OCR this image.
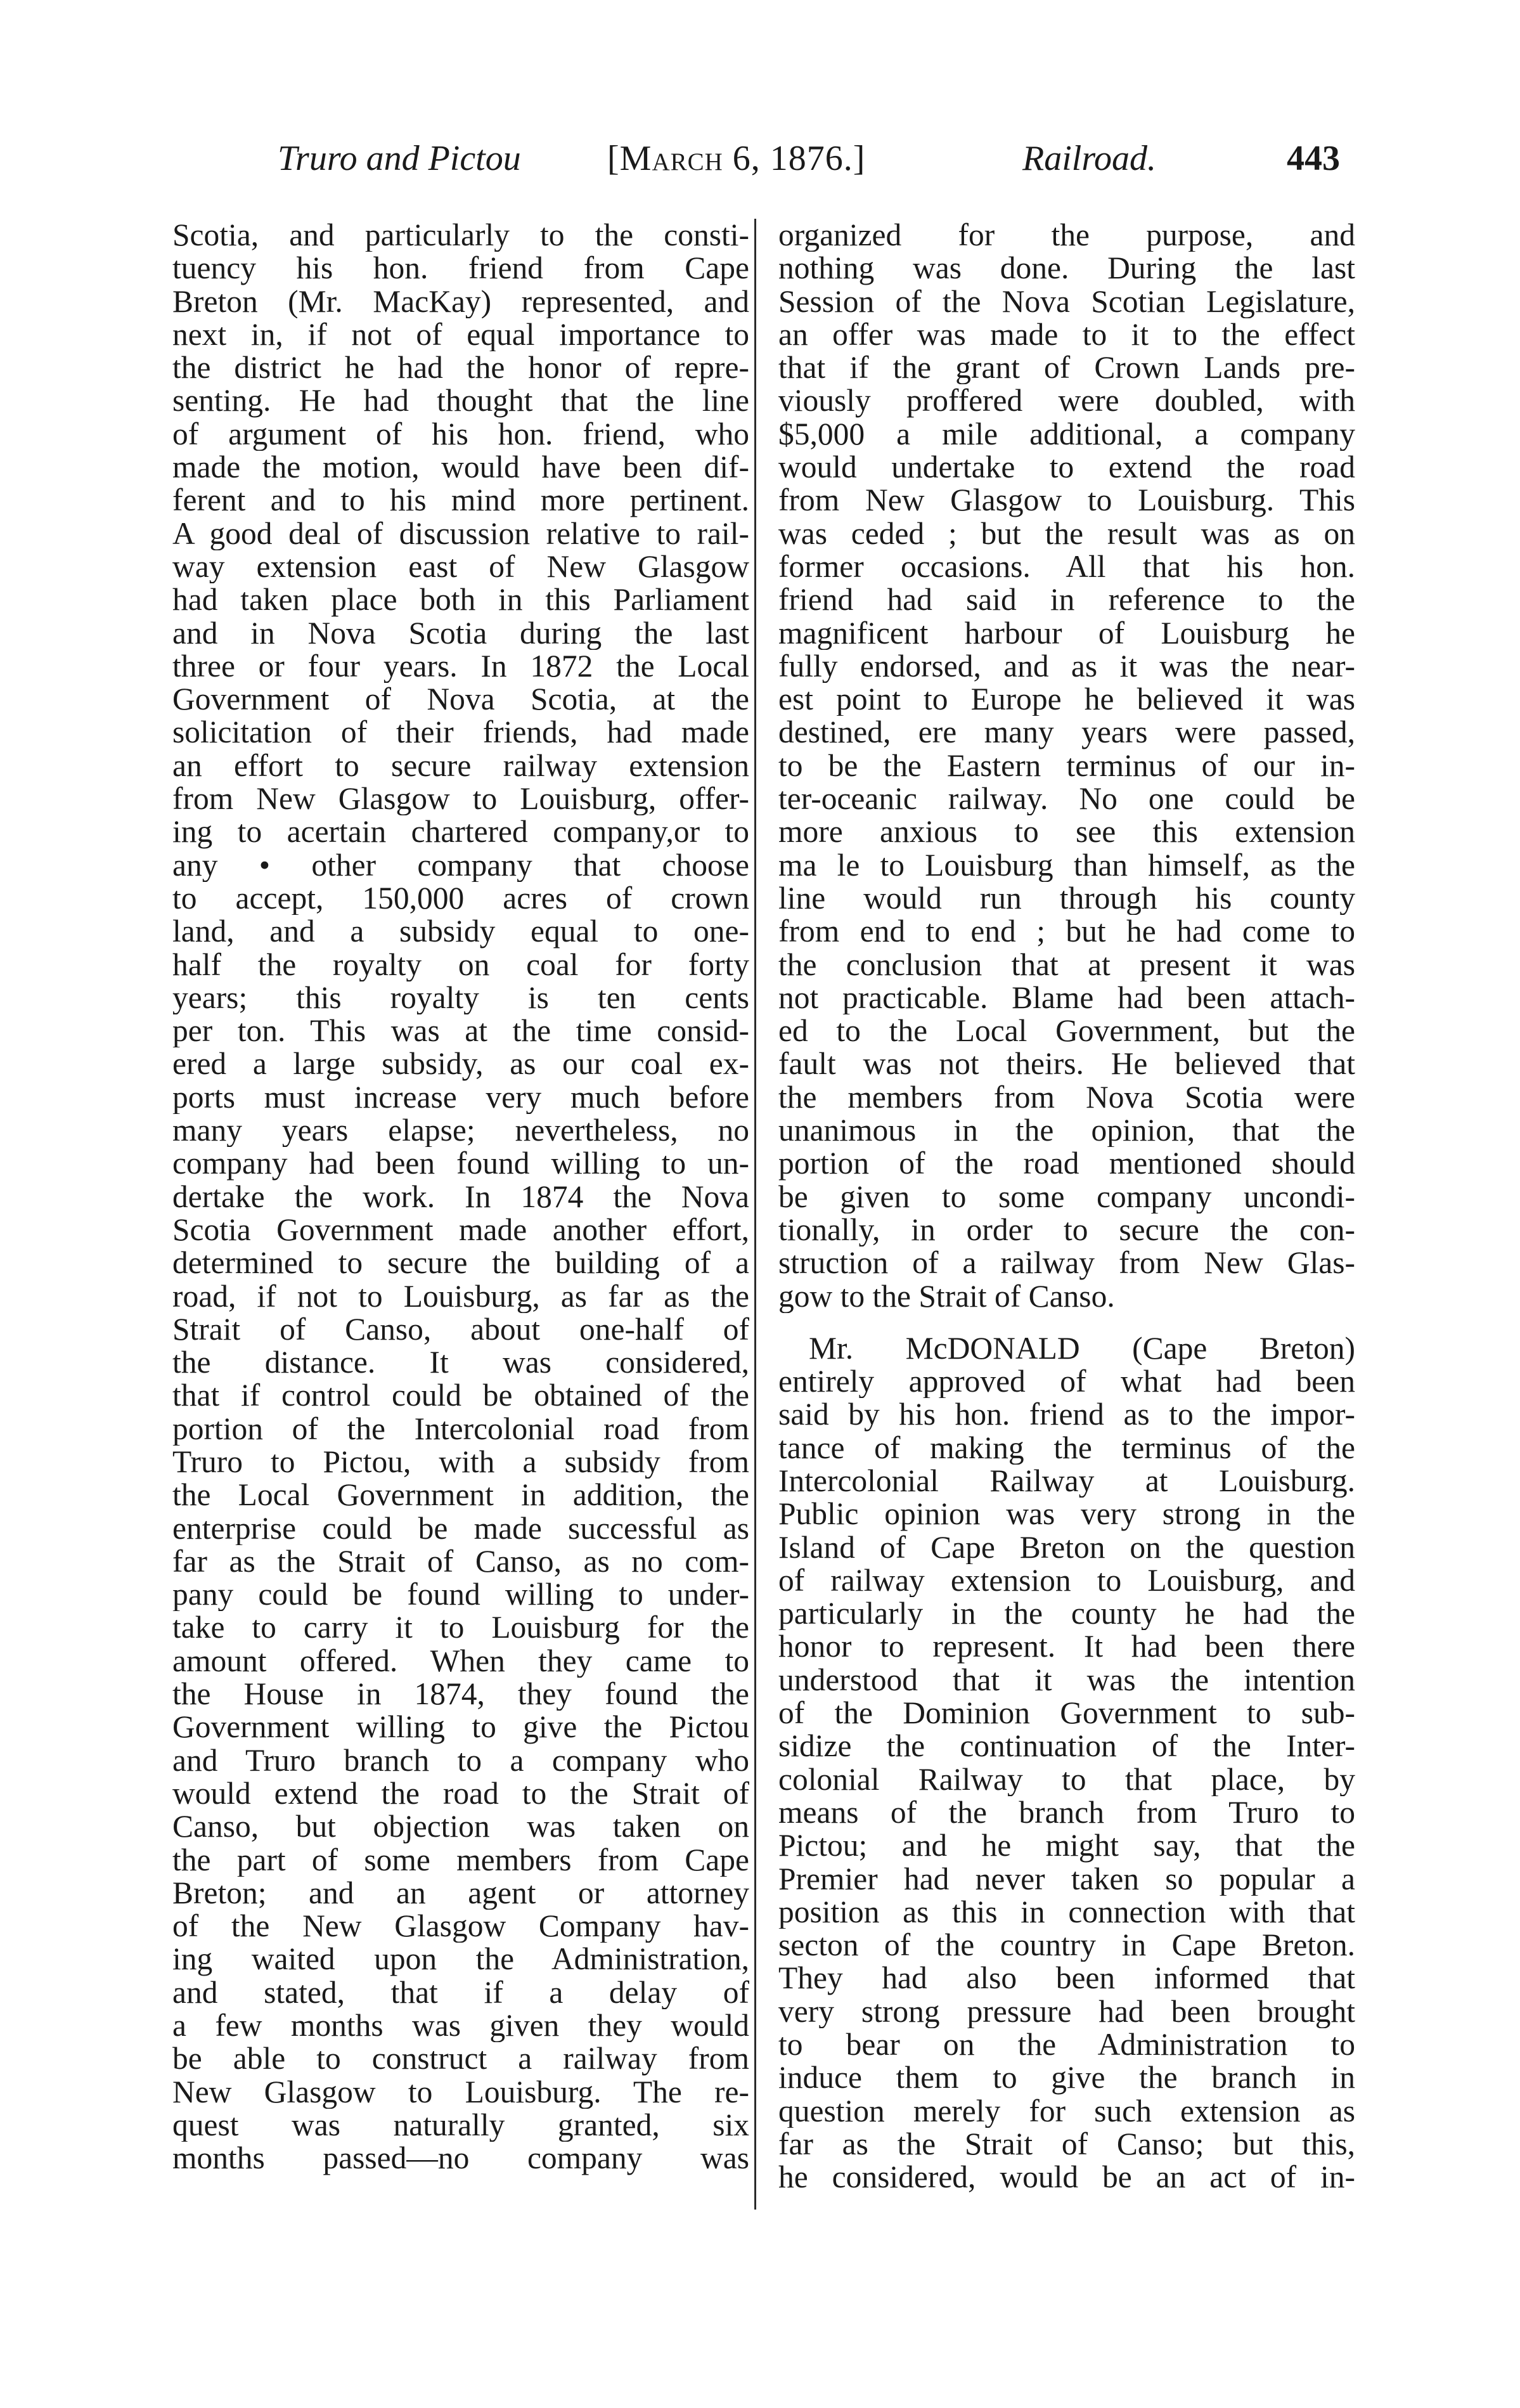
Truro and Pictou [March 6, 1876.]	Railroad.	443
Scotia, and particularly to the consti-
tuency his hon. friend from Cape
Breton (Mr. MacKay) represented, and
next in, if not of equal importance to
the district he had the honor of repre-
senting. He had thought that the line
of argument of his hon. friend, who
made the motion, would have been dif-
ferent and to his mind more pertinent.
A good deal of discussion relative to rail-
way extension east of New Glasgow
had taken place both in this Parliament
and in Nova Scotia during the last
three or four years. In 1872 the Local
Government of Nova Scotia, at the
solicitation of their friends, had made
an effort to secure railway extension
from New Glasgow to Louisburg, offer-
ing to acertain chartered company,or to
any • other company that choose
to accept, 150,000 acres of crown
land, and a subsidy equal to one-
half the royalty on coal for forty
years; this royalty is ten cents
per ton. This was at the time consid-
ered a large subsidy, as our coal ex-
ports must increase very much before
many years elapse; nevertheless, no
company had been found willing to un-
dertake the work. In 1874 the Nova
Scotia Government made another effort,
determined to secure the building of a
road, if not to Louisburg, as far as the
Strait of Canso, about one-half of
the distance. It was considered,
that if control could be obtained of the
portion of the Intercolonial road from
Truro to Pictou, with a subsidy from
the Local Government in addition, the
enterprise could be made successful as
far as the Strait of Canso, as no com-
pany could be found willing to under-
take to carry it to Louisburg for the
amount offered. When they came to
the House in 1874, they found the
Government willing to give the Pictou
and Truro branch to a company who
would extend the road to the Strait of
Canso, but objection was taken on
the part of some members from Cape
Breton; and an agent or attorney
of the New Glasgow Company hav-
ing waited upon the Administration,
and stated, that if a delay of
a few months was given they would
be able to construct a railway from
New Glasgow to Louisburg. The re-
quest was naturally granted, six
months passed—no company was
organized for the purpose, and
nothing was done. During the last
Session of the Nova Scotian Legislature,
an offer was made to it to the effect
that if the grant of Crown Lands pre-
viously proffered were doubled, with
$5,000 a mile additional, a company
would undertake to extend the road
from New Glasgow to Louisburg. This
was ceded ; but the result was as on
former occasions. All that his hon.
friend had said in reference to the
magnificent harbour of Louisburg he
fully endorsed, and as it was the near-
est point to Europe he believed it was
destined, ere many years were passed,
to be the Eastern terminus of our in-
ter-oceanic railway. No one could be
more anxious to see this extension
ma le to Louisburg than himself, as the
line would run through his county
from end to end ; but he had come to
the conclusion that at present it was
not practicable. Blame had been attach-
ed to the Local Government, but the
fault was not theirs. He believed that
the members from Nova Scotia were
unanimous in the opinion, that the
portion of the road mentioned should
be given to some company uncondi-
tionally, in order to secure the con-
struction of a railway from New Glas-
gow to the Strait of Canso.
Mr. McDONALD (Cape Breton)
entirely approved of what had been
said by his hon. friend as to the impor-
tance of making the terminus of the
Intercolonial Railway at Louisburg.
Public opinion was very strong in the
Island of Cape Breton on the question
of railway extension to Louisburg, and
particularly in the county he had the
honor to represent. It had been there
understood that it was the intention
of the Dominion Government to sub-
sidize the continuation of the Inter-
colonial Railway to that place, by
means of the branch from Truro to
Pictou; and he might say, that the
Premier had never taken so popular a
position as this in connection with that
secton of the country in Cape Breton.
They had also been informed that
very strong pressure had been brought
to bear on the Administration to
induce them to give the branch in
question merely for such extension as
far as the Strait of Canso; but this,
he considered, would be an act of in-
